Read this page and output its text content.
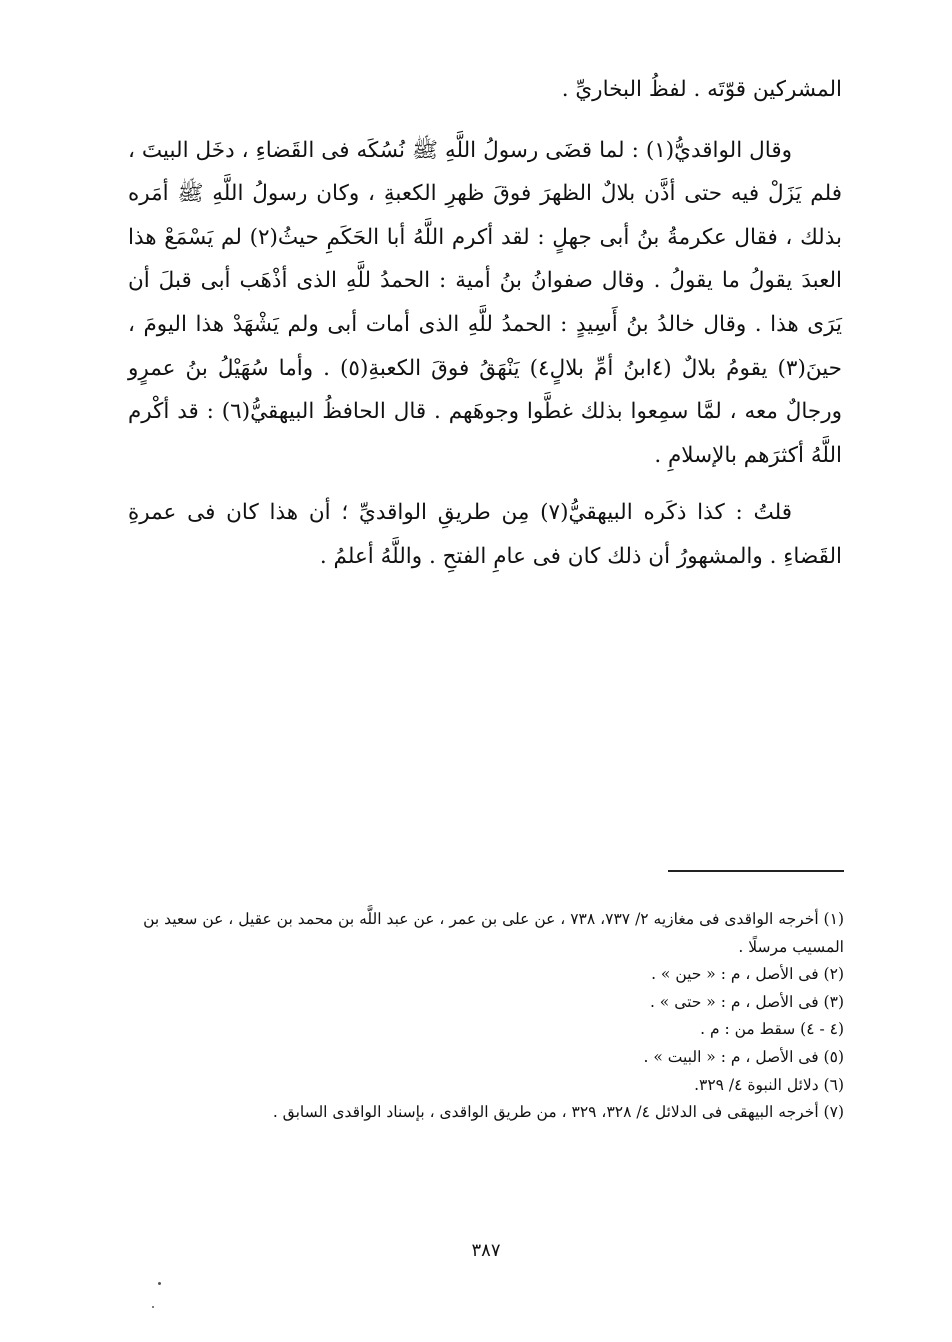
المشركين قوّتَه . لفظُ البخاريِّ .

وقال الواقديُّ(١) : لما قضَى رسولُ اللَّهِ ﷺ نُسُكَه فى القَضاءِ ، دخَل البيتَ ، فلم يَزَلْ فيه حتى أذَّن بلالٌ الظهرَ فوقَ ظهرِ الكعبةِ ، وكان رسولُ اللَّهِ ﷺ أمَره بذلك ، فقال عكرمةُ بنُ أبى جهلٍ : لقد أكرم اللَّهُ أبا الحَكَمِ حيثُ(٢) لم يَسْمَعْ هذا العبدَ يقولُ ما يقولُ . وقال صفوانُ بنُ أمية : الحمدُ للَّهِ الذى أذْهَب أبى قبلَ أن يَرَى هذا . وقال خالدُ بنُ أَسِيدٍ : الحمدُ للَّهِ الذى أمات أبى ولم يَشْهَدْ هذا اليومَ ، حينَ(٣) يقومُ بلالٌ (٤ابنُ أمِّ بلالٍ٤) يَنْهَقُ فوقَ الكعبةِ(٥) . وأما سُهَيْلُ بنُ عمرٍو ورجالٌ معه ، لمَّا سمِعوا بذلك غطَّوا وجوهَهم . قال الحافظُ البيهقيُّ(٦) : قد أكْرم اللَّهُ أكثرَهم بالإسلامِ .

قلتُ : كذا ذكَره البيهقيُّ(٧) مِن طريقِ الواقديِّ ؛ أن هذا كان فى عمرةِ القَضاءِ . والمشهورُ أن ذلك كان فى عامِ الفتحِ . واللَّهُ أعلمُ .

(١) أخرجه الواقدى فى مغازيه ٢/ ٧٣٧، ٧٣٨ ، عن على بن عمر ، عن عبد اللَّه بن محمد بن عقيل ، عن سعيد بن المسيب مرسلًا .

(٢) فى الأصل ، م : « حين » .

(٣) فى الأصل ، م : « حتى » .

(٤ - ٤) سقط من : م .

(٥) فى الأصل ، م : « البيت » .

(٦) دلائل النبوة ٤/ ٣٢٩.

(٧) أخرجه البيهقى فى الدلائل ٤/ ٣٢٨، ٣٢٩ ، من طريق الواقدى ، بإسناد الواقدى السابق .

٣٨٧
